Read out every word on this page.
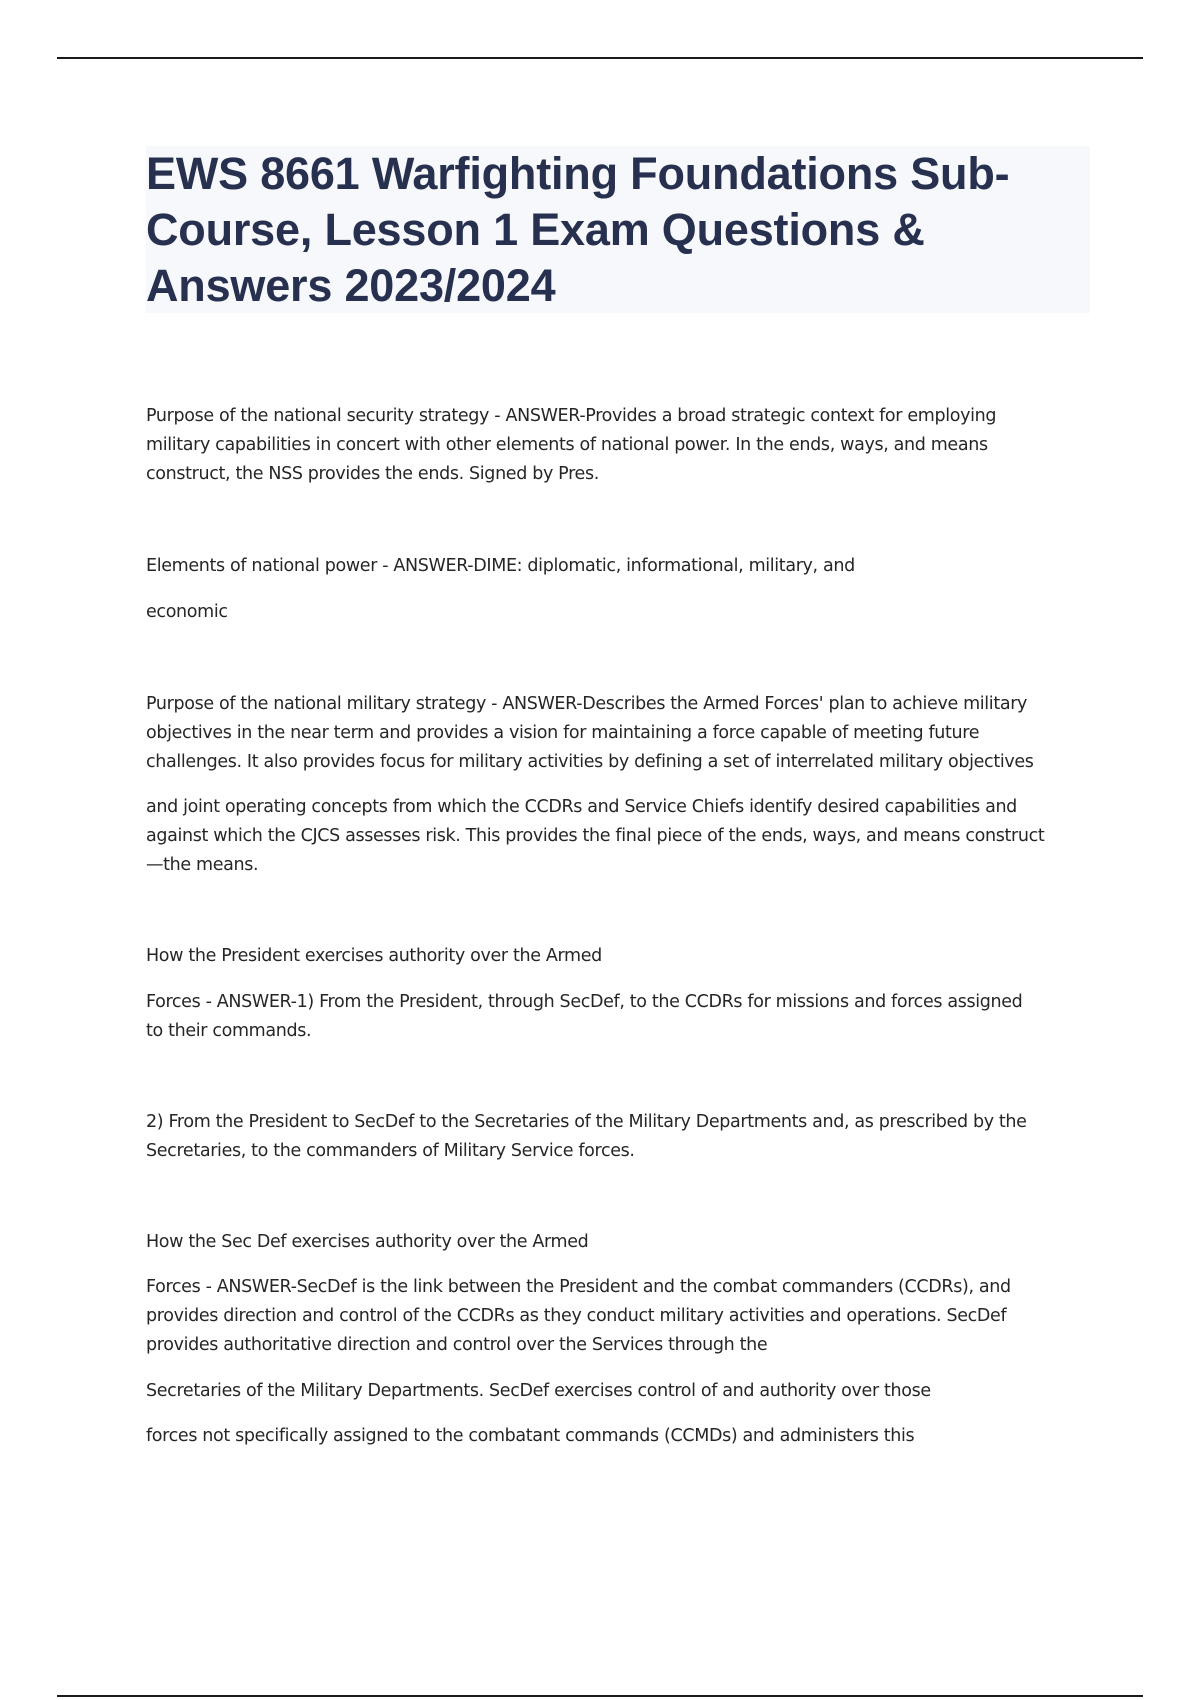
EWS 8661 Warfighting Foundations Sub-Course, Lesson 1 Exam Questions & Answers 2023/2024

Purpose of the national security strategy - ANSWER-Provides a broad strategic context for employing

military capabilities in concert with other elements of national power. In the ends, ways, and means

construct, the NSS provides the ends. Signed by Pres.

Elements of national power - ANSWER-DIME: diplomatic, informational, military, and

economic

Purpose of the national military strategy - ANSWER-Describes the Armed Forces' plan to achieve military

objectives in the near term and provides a vision for maintaining a force capable of meeting future

challenges. It also provides focus for military activities by defining a set of interrelated military objectives

and joint operating concepts from which the CCDRs and Service Chiefs identify desired capabilities and

against which the CJCS assesses risk. This provides the final piece of the ends, ways, and means construct

—the means.

How the President exercises authority over the Armed

Forces - ANSWER-1) From the President, through SecDef, to the CCDRs for missions and forces assigned

to their commands.

2) From the President to SecDef to the Secretaries of the Military Departments and, as prescribed by the

Secretaries, to the commanders of Military Service forces.

How the Sec Def exercises authority over the Armed

Forces - ANSWER-SecDef is the link between the President and the combat commanders (CCDRs), and

provides direction and control of the CCDRs as they conduct military activities and operations. SecDef

provides authoritative direction and control over the Services through the

Secretaries of the Military Departments. SecDef exercises control of and authority over those

forces not specifically assigned to the combatant commands (CCMDs) and administers this
